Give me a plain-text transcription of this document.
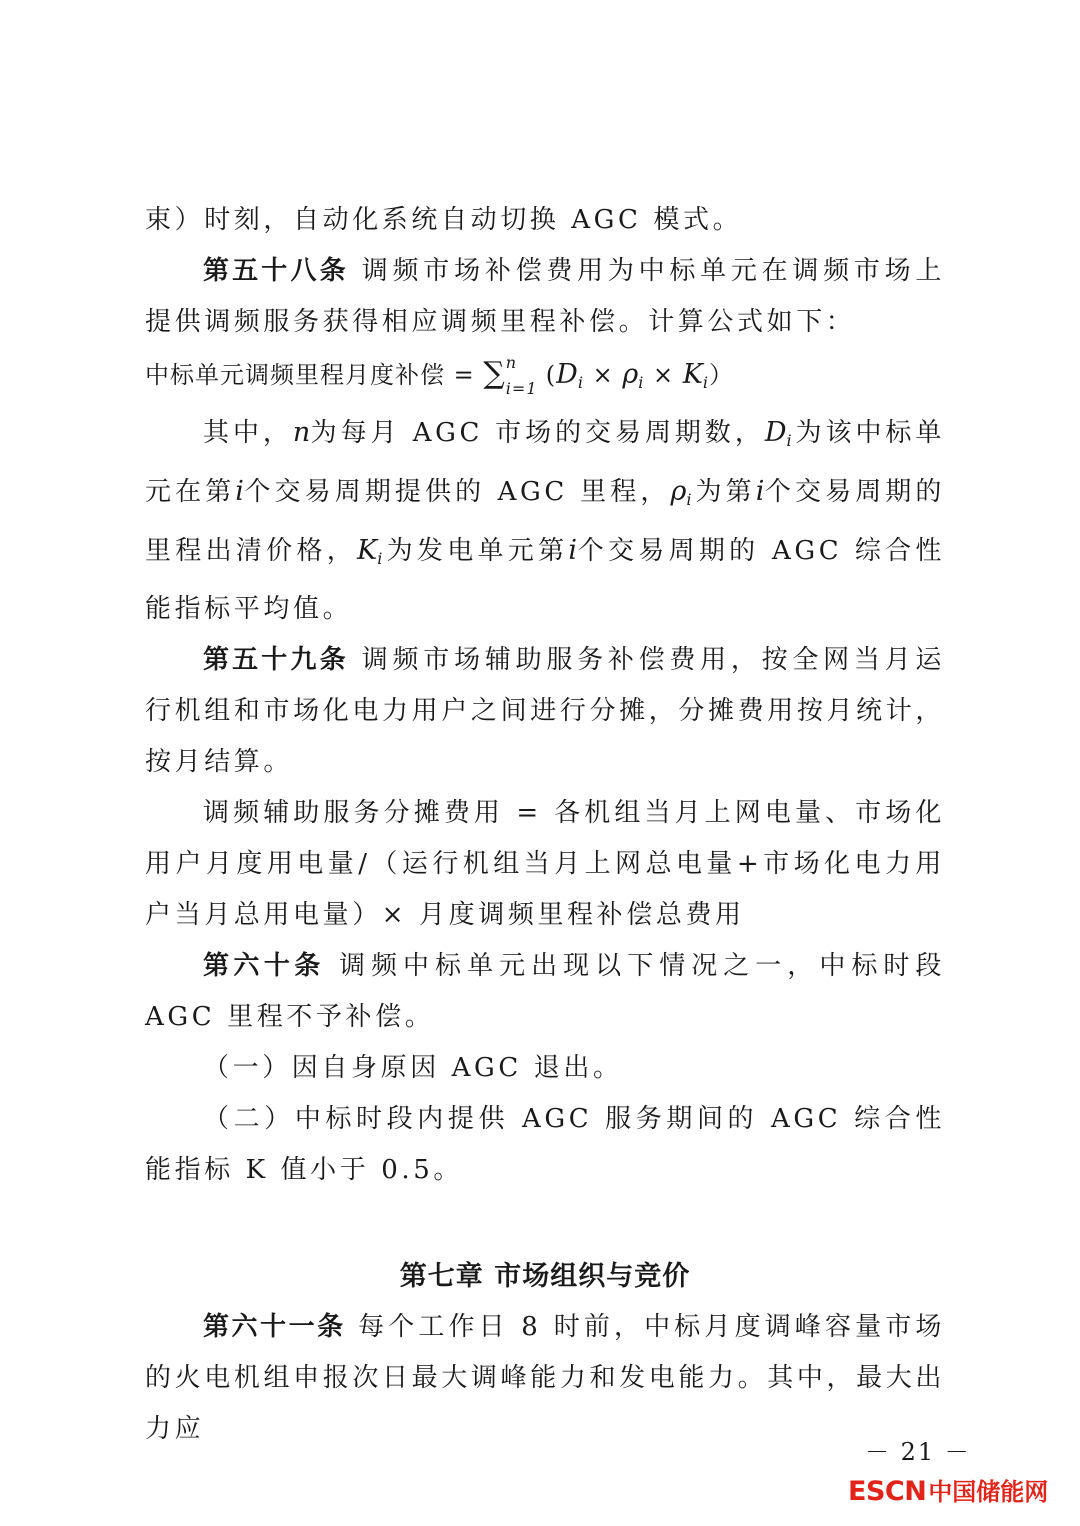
束）时刻，自动化系统自动切换 AGC 模式。

第五十八条 调频市场补偿费用为中标单元在调频市场上提供调频服务获得相应调频里程补偿。计算公式如下：

中标单元调频里程月度补偿 = ∑ n
i=1 $(D_i \times \rho_i \times K_i)$

其中，n为每月 AGC 市场的交易周期数，$D_i$为该中标单元在第i个交易周期提供的 AGC 里程，$\rho_i$为第i个交易周期的里程出清价格，$K_i$为发电单元第i个交易周期的 AGC 综合性能指标平均值。

第五十九条 调频市场辅助服务补偿费用，按全网当月运行机组和市场化电力用户之间进行分摊，分摊费用按月统计，按月结算。

调频辅助服务分摊费用 = 各机组当月上网电量、市场化用户月度用电量/（运行机组当月上网总电量+市场化电力用户当月总用电量）× 月度调频里程补偿总费用

第六十条 调频中标单元出现以下情况之一，中标时段 AGC 里程不予补偿。

（一）因自身原因 AGC 退出。

（二）中标时段内提供 AGC 服务期间的 AGC 综合性能指标 K 值小于 0.5。

第七章 市场组织与竞价

第六十一条 每个工作日 8 时前，中标月度调峰容量市场的火电机组申报次日最大调峰能力和发电能力。其中，最大出力应

－ 21 －
ESCN中国储能网
